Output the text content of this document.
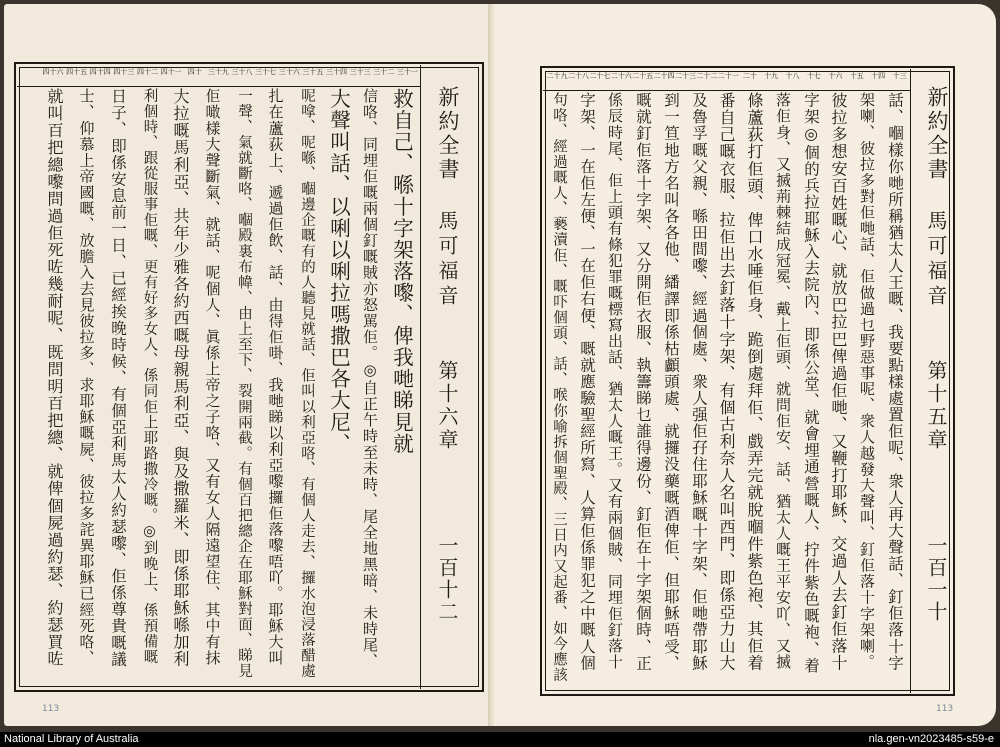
救自己、喺十字架落嚟、俾我哋睇見就
信咯、同埋佢嘅兩個釘嘅賊亦怒駡佢。◎自正午時至未時、尾全地黑暗、未時尾、
大聲叫話、以唎以唎拉嗎撒巴各大尼、
呢嗱、呢喺、嗰邊企嘅有的人聽見就話、佢叫以利亞咯、有個人走去、攞水泡浸落醋處
扎在蘆荻上、遞過佢飲、話、由得佢啩、我哋睇以利亞嚟攞佢落嚟唔吖。耶穌大叫
一聲、氣就斷咯、嗰殿裏布幃、由上至下、裂開兩截。有個百把總企在耶穌對面、睇見
佢噉樣大聲斷氣、就話、呢個人、眞係上帝之子咯、又有女人隔遠望住、其中有抹
大拉嘅馬利亞、共年少雅各約西嘅母親馬利亞、與及撒羅米、即係耶穌喺加利
利個時、跟從服事佢嘅、更有好多女人、係同佢上耶路撒冷嘅。◎到晚上、係預備嘅
日子、即係安息前一日、已經挨晚時候、有個亞利馬太人約瑟嚟、佢係尊貴嘅議
士、仰慕上帝國嘅、放膽入去見彼拉多、求耶穌嘅屍、彼拉多詫異耶穌已經死咯、
就叫百把總嚟問過佢死咗幾耐呢、既問明百把總、就俾個屍過約瑟、約瑟買咗
三十一
三十二
三十三
三十四
三十五
三十六
三十七
三十八
三十九
四十
四十一
四十二
四十三
四十四
四十五
四十六
話、嗰樣你哋所稱猶太人王嘅、我要點樣處置佢呢、衆人再大聲話、釘佢落十字
架喇、彼拉多對佢哋話、佢做過乜野惡事呢、衆人越發大聲叫、釘佢落十字架喇。
彼拉多想安百姓嘅心、就放巴拉巴俾過佢哋、又鞭打耶穌、交過人去釘佢落十
字架◎個的兵拉耶穌入去院內、即係公堂、就會埋通營嘅人、拧件紫色嘅袍、着
落佢身、又搣荊棘結成冠冕、戴上佢頭、就問佢安、話、猶太人嘅王平安吖、又搣
條蘆荻打佢頭、俾口水唾佢身、跪倒處拜佢、戲弄完就脫嗰件紫色袍、其佢着
番自己嘅衣服、拉佢出去釘落十字架、有個古利奈人名叫西門、即係亞力山大
及魯孚嘅父親、喺田間嚟、經過個處、衆人强佢孖住耶穌嘅十字架、佢哋帶耶穌
到一笪地方名叫各各他、繙譯即係枯顱頭處、就攞没藥嘅酒俾佢、但耶穌唔受、
嘅就釘佢落十字架、又分開佢衣服、執籌睇乜誰得邊份、釘佢在十字架個時、正
係辰時尾、佢上頭有條犯罪嘅標寫出話、猶太人嘅王。又有兩個賊、同埋佢釘落十
字架、一在佢左便、一在佢右便、嘅就應驗聖經所寫、人算佢係罪犯之中嘅人個
句咯、經過嘅人、褻瀆佢、嘅吓個頭、話、喉你喻拆個聖殿、三日内又起番、如今應該
十三
十四
十五
十六
十七
十八
十九
二十
二十一
二十二
二十三
二十四
二十五
二十六
二十七
二十八
二十九
新約全書
馬可福音
第十六章
一百十二
新約全書
馬可福音
第十五章
一百一十
113	113
National Library of Australia	nla.gen-vn2023485-s59-e
